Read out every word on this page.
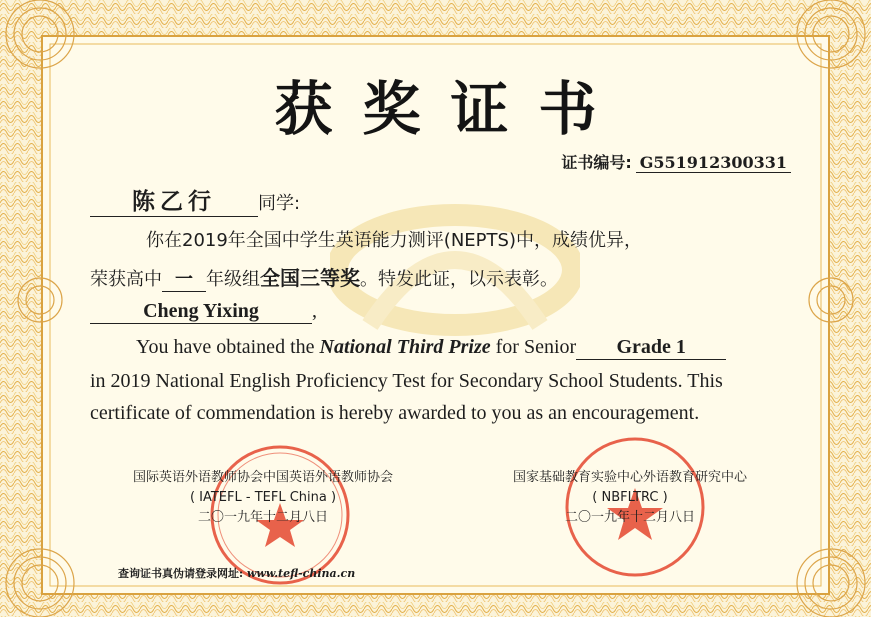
获奖证书
证书编号: G551912300331
陈乙行 同学:
你在2019年全国中学生英语能力测评(NEPTS)中，成绩优异，
荣获高中 一 年级组全国三等奖。特发此证，以示表彰。
Cheng Yixing	,
You have obtained the National Third Prize for Senior Grade 1
in 2019 National English Proficiency Test for Secondary School Students. This
certificate of commendation is hereby awarded to you as an encouragement.
国际英语外语教师协会中国英语外语教师协会
( IATEFL - TEFL China )
二〇一九年十二月八日
国家基础教育实验中心外语教育研究中心
( NBFLTRC )
二〇一九年十二月八日
查询证书真伪请登录网址: www.tefl-china.cn
